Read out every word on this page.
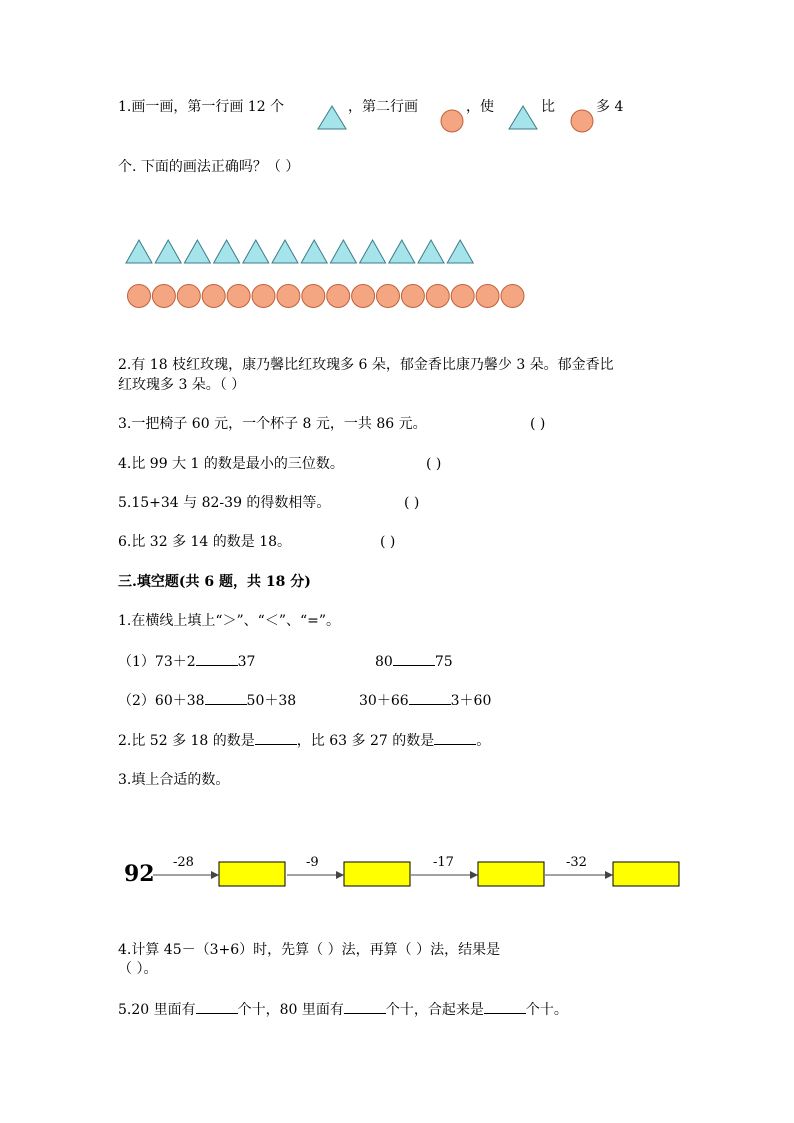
1.画一画，第一行画 12 个	，第二行画	，使	比	多 4
个. 下面的画法正确吗？（ ）
2.有 18 枝红玫瑰，康乃馨比红玫瑰多 6 朵，郁金香比康乃馨少 3 朵。郁金香比
红玫瑰多 3 朵。（ ）
3.一把椅子 60 元，一个杯子 8 元，一共 86 元。	( )
4.比 99 大 1 的数是最小的三位数。	( )
5.15+34 与 82-39 的得数相等。	( )
6.比 32 多 14 的数是 18。	( )
三.填空题(共 6 题，共 18 分)
1.在横线上填上“＞”、“＜”、“=”。
（1）73＋2	37	80	75
（2）60＋38	50＋38	30＋66	3＋60
2.比 52 多 18 的数是	，比 63 多 27 的数是	。
3.填上合适的数。
92 -28	-9	-17	-32
4.计算 45－（3+6）时，先算（ ）法，再算（ ）法，结果是
（ ）。
5.20 里面有	个十，80 里面有	个十，合起来是	个十。
